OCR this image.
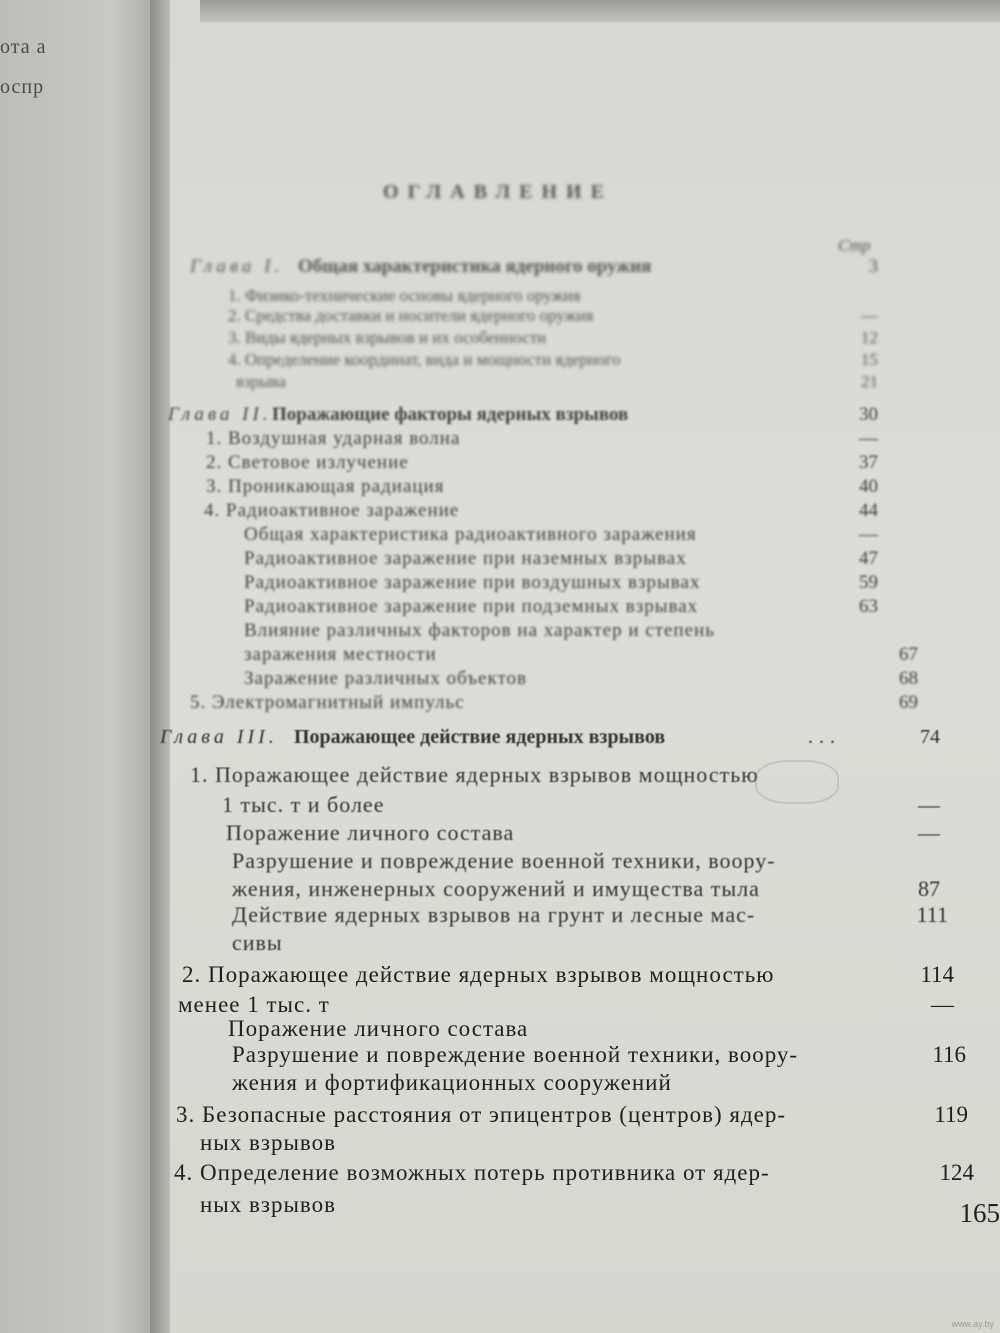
ота а
оспр
ОГЛАВЛЕНИЕ
Стр
Глава I. Общая характеристика ядерного оружия	3
1. Физико-технические основы ядерного оружия
2. Средства доставки и носители ядерного оружия	—
3. Виды ядерных взрывов и их особенности	12
4. Определение координат, вида и мощности ядерного	15
взрыва	21
Глава II. Поражающие факторы ядерных взрывов	30
1. Воздушная ударная волна	—
2. Световое излучение	37
3. Проникающая радиация	40
4. Радиоактивное заражение	44
Общая характеристика радиоактивного заражения	—
Радиоактивное заражение при наземных взрывах	47
Радиоактивное заражение при воздушных взрывах	59
Радиоактивное заражение при подземных взрывах	63
Влияние различных факторов на характер и степень
заражения местности	67
Заражение различных объектов	68
5. Электромагнитный импульс	69
Глава III. Поражающее действие ядерных взрывов	...	74
1. Поражающее действие ядерных взрывов мощностью
1 тыс. т и более	—
Поражение личного состава	—
Разрушение и повреждение военной техники, воору-
жения, инженерных сооружений и имущества тыла	87
Действие ядерных взрывов на грунт и лесные мас-	111
сивы
2. Поражающее действие ядерных взрывов мощностью	114
менее 1 тыс. т	—
Поражение личного состава
Разрушение и повреждение военной техники, воору-	116
жения и фортификационных сооружений
3. Безопасные расстояния от эпицентров (центров) ядер-	119
ных взрывов
4. Определение возможных потерь противника от ядер-	124
ных взрывов	165
www.ay.by
